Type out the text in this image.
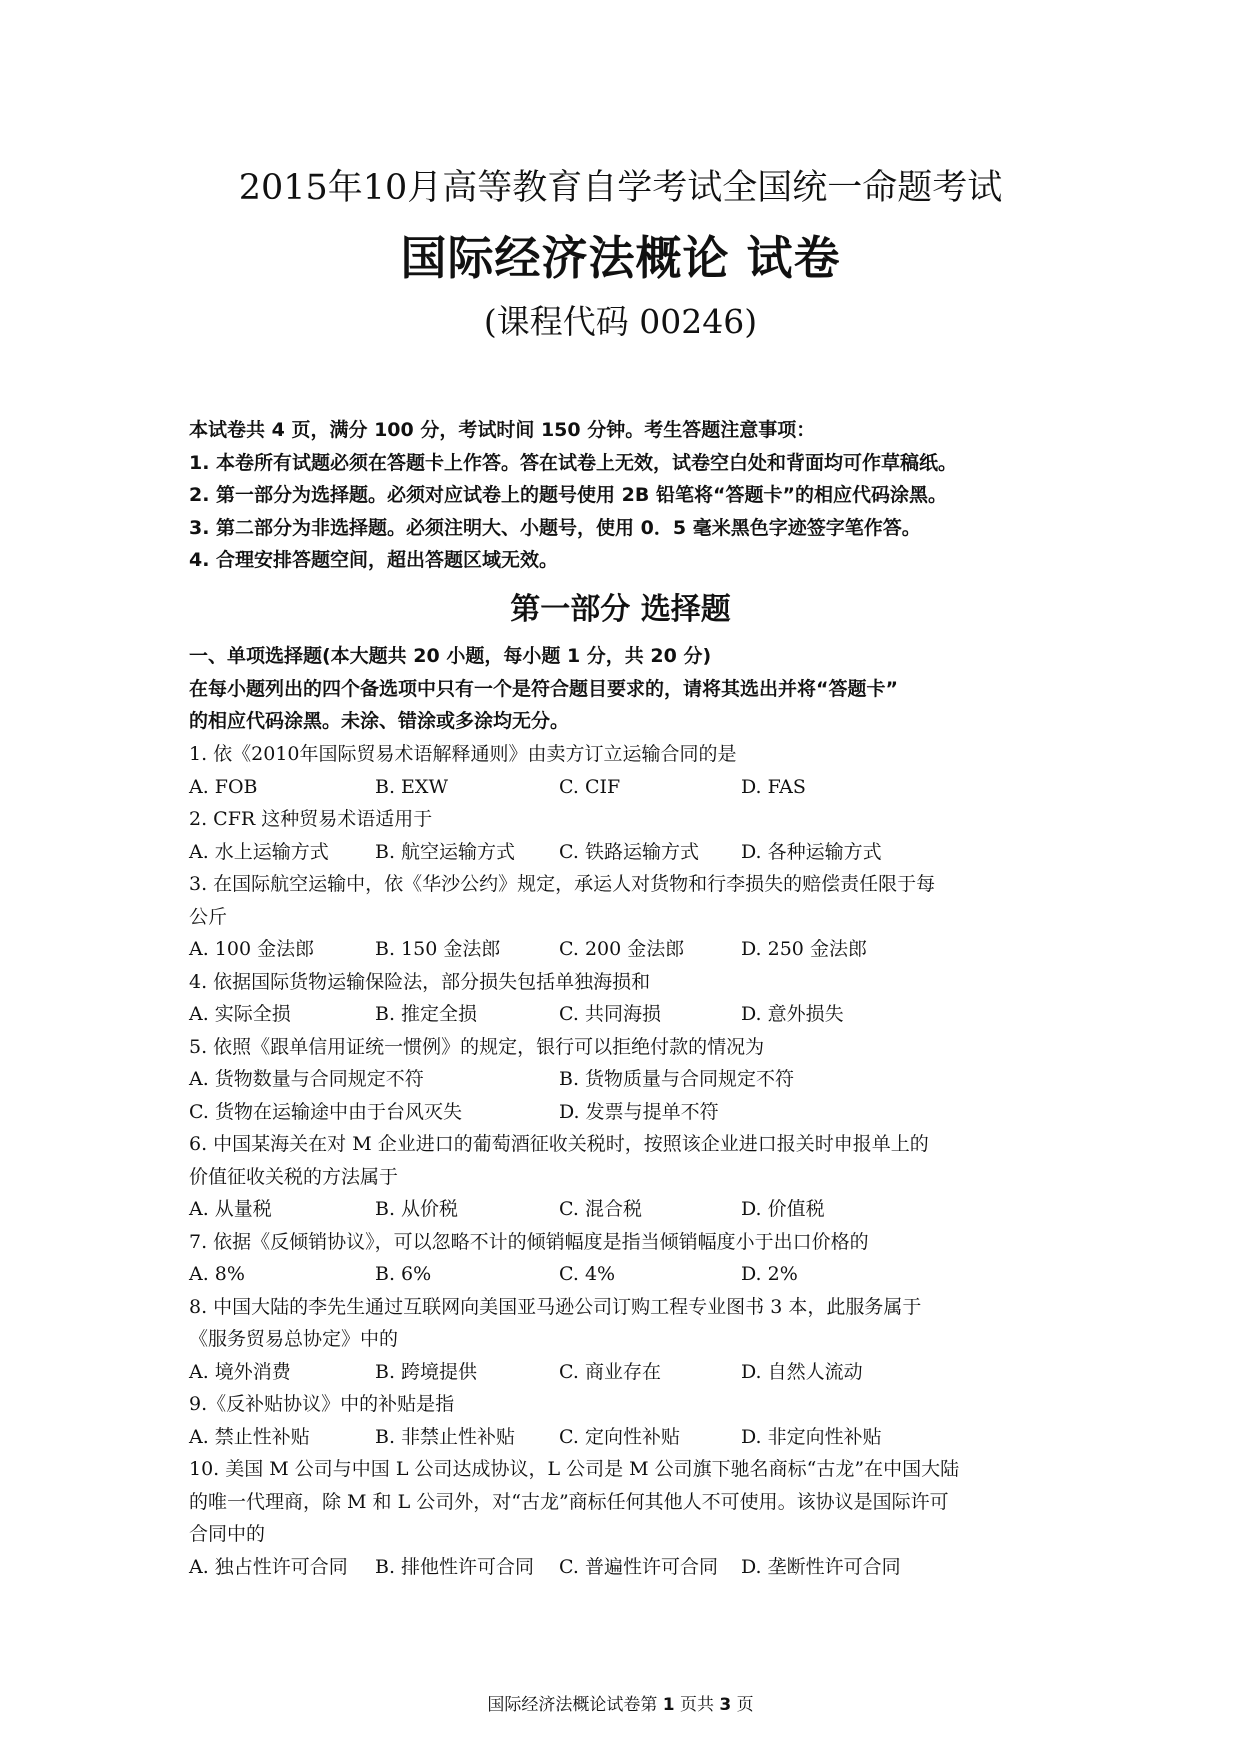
2015年10月高等教育自学考试全国统一命题考试
国际经济法概论 试卷
(课程代码 00246)
本试卷共 4 页，满分 100 分，考试时间 150 分钟。考生答题注意事项：
1. 本卷所有试题必须在答题卡上作答。答在试卷上无效，试卷空白处和背面均可作草稿纸。
2. 第一部分为选择题。必须对应试卷上的题号使用 2B 铅笔将“答题卡”的相应代码涂黑。
3. 第二部分为非选择题。必须注明大、小题号，使用 0．5 毫米黑色字迹签字笔作答。
4. 合理安排答题空间，超出答题区域无效。
第一部分 选择题
一、单项选择题(本大题共 20 小题，每小题 1 分，共 20 分)
在每小题列出的四个备选项中只有一个是符合题目要求的，请将其选出并将“答题卡”
的相应代码涂黑。未涂、错涂或多涂均无分。
1. 依《2010年国际贸易术语解释通则》由卖方订立运输合同的是
A. FOB	B. EXW	C. CIF	D. FAS
2. CFR 这种贸易术语适用于
A. 水上运输方式 B. 航空运输方式 C. 铁路运输方式 D. 各种运输方式
3. 在国际航空运输中，依《华沙公约》规定，承运人对货物和行李损失的赔偿责任限于每
公斤
A. 100 金法郎	B. 150 金法郎	C. 200 金法郎	D. 250 金法郎
4. 依据国际货物运输保险法，部分损失包括单独海损和
A. 实际全损	B. 推定全损	C. 共同海损	D. 意外损失
5. 依照《跟单信用证统一惯例》的规定，银行可以拒绝付款的情况为
A. 货物数量与合同规定不符	B. 货物质量与合同规定不符
C. 货物在运输途中由于台风灭失	D. 发票与提单不符
6. 中国某海关在对 M 企业进口的葡萄酒征收关税时，按照该企业进口报关时申报单上的
价值征收关税的方法属于
A. 从量税	B. 从价税	C. 混合税	D. 价值税
7. 依据《反倾销协议》，可以忽略不计的倾销幅度是指当倾销幅度小于出口价格的
A. 8%	B. 6%	C. 4%	D. 2%
8. 中国大陆的李先生通过互联网向美国亚马逊公司订购工程专业图书 3 本，此服务属于
《服务贸易总协定》中的
A. 境外消费	B. 跨境提供	C. 商业存在	D. 自然人流动
9.《反补贴协议》中的补贴是指
A. 禁止性补贴	B. 非禁止性补贴 C. 定向性补贴	D. 非定向性补贴
10. 美国 M 公司与中国 L 公司达成协议，L 公司是 M 公司旗下驰名商标“古龙”在中国大陆
的唯一代理商，除 M 和 L 公司外，对“古龙”商标任何其他人不可使用。该协议是国际许可
合同中的
A. 独占性许可合同 B. 排他性许可合同 C. 普遍性许可合同 D. 垄断性许可合同
国际经济法概论试卷第 1 页共 3 页
